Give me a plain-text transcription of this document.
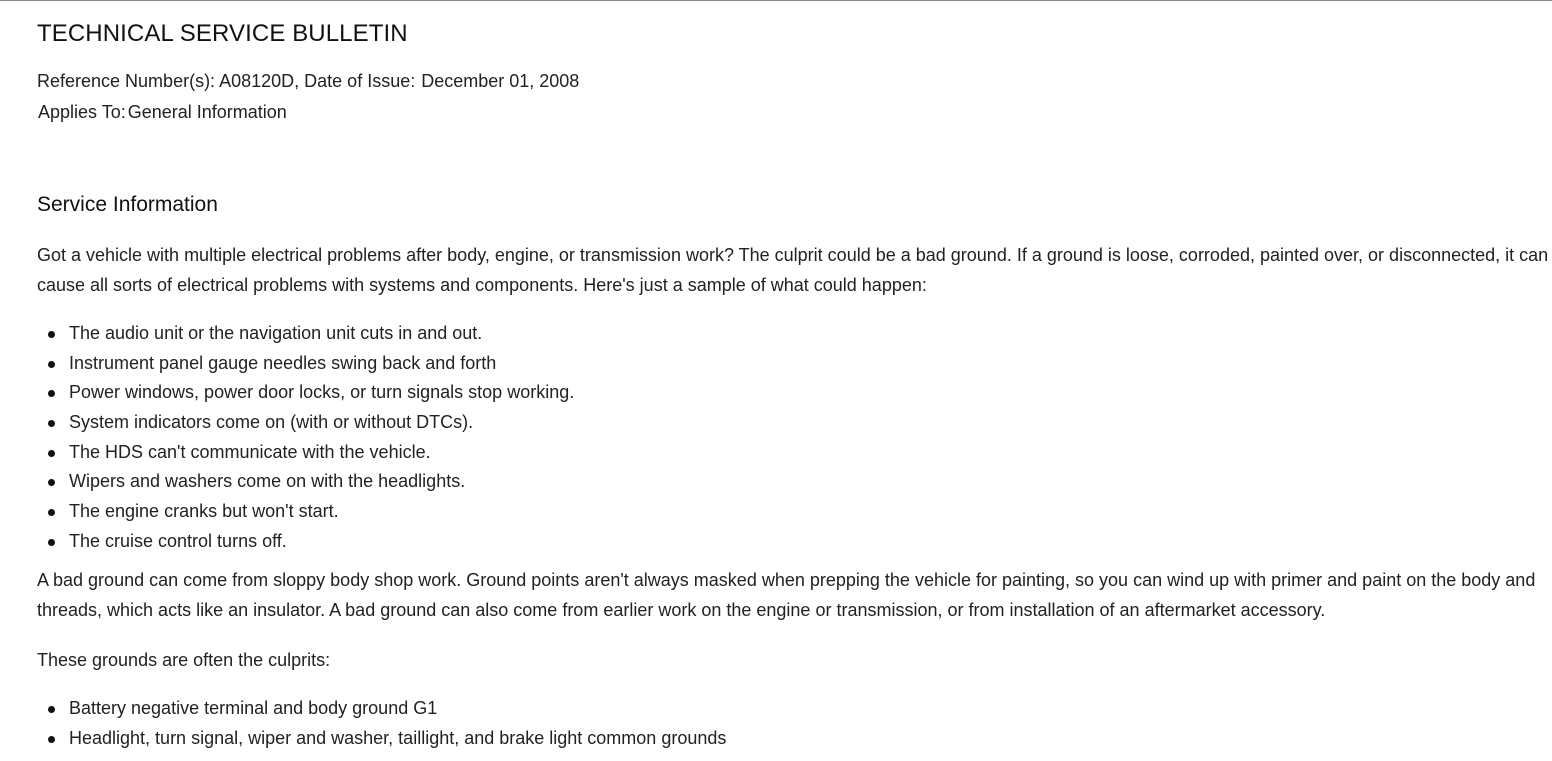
TECHNICAL SERVICE BULLETIN
Reference Number(s): A08120D, Date of Issue: December 01, 2008
Applies To: General Information
Service Information

Got a vehicle with multiple electrical problems after body, engine, or transmission work? The culprit could be a bad ground. If a ground is loose, corroded, painted over, or disconnected, it can cause all sorts of electrical problems with systems and components. Here's just a sample of what could happen:

The audio unit or the navigation unit cuts in and out.
Instrument panel gauge needles swing back and forth
Power windows, power door locks, or turn signals stop working.
System indicators come on (with or without DTCs).
The HDS can't communicate with the vehicle.
Wipers and washers come on with the headlights.
The engine cranks but won't start.
The cruise control turns off.

A bad ground can come from sloppy body shop work. Ground points aren't always masked when prepping the vehicle for painting, so you can wind up with primer and paint on the body and threads, which acts like an insulator. A bad ground can also come from earlier work on the engine or transmission, or from installation of an aftermarket accessory.

These grounds are often the culprits:

Battery negative terminal and body ground G1
Headlight, turn signal, wiper and washer, taillight, and brake light common grounds
